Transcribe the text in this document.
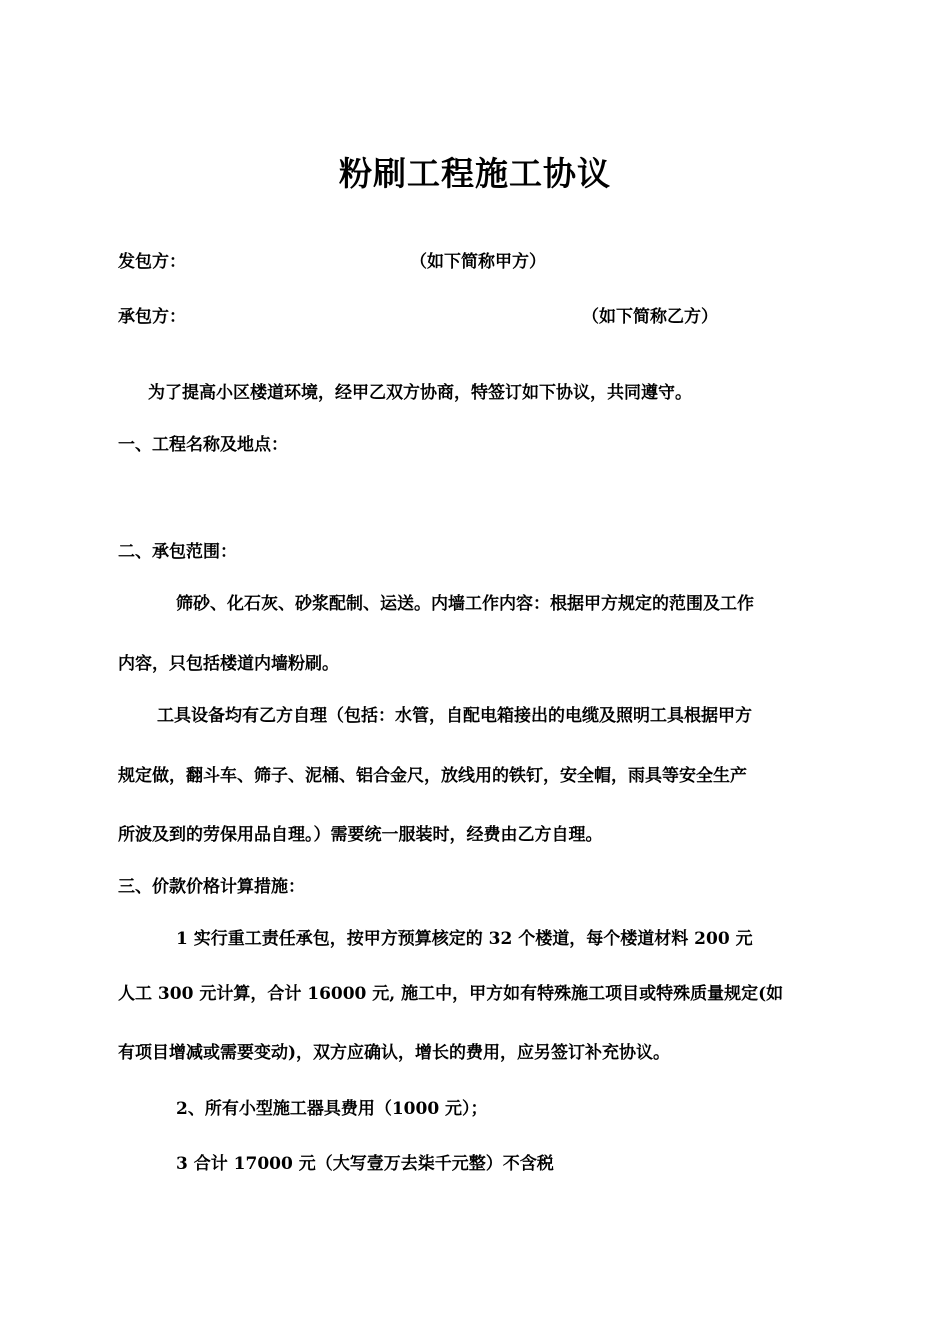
粉刷工程施工协议
发包方：	（如下简称甲方）
承包方：	（如下简称乙方）
为了提高小区楼道环境，经甲乙双方协商，特签订如下协议，共同遵守。
一、工程名称及地点：
二、承包范围：
筛砂、化石灰、砂浆配制、运送。内墙工作内容：根据甲方规定的范围及工作
内容，只包括楼道内墙粉刷。
工具设备均有乙方自理（包括：水管，自配电箱接出的电缆及照明工具根据甲方
规定做，翻斗车、筛子、泥桶、铝合金尺，放线用的铁钉，安全帽，雨具等安全生产
所波及到的劳保用品自理。）需要统一服装时，经费由乙方自理。
三、价款价格计算措施：
1 实行重工责任承包，按甲方预算核定的 32 个楼道，每个楼道材料 200 元
人工 300 元计算，合计 16000 元, 施工中，甲方如有特殊施工项目或特殊质量规定(如
有项目增减或需要变动)，双方应确认，增长的费用，应另签订补充协议。
2、所有小型施工器具费用（1000 元）；
3 合计 17000 元（大写壹万去柒千元整）不含税
